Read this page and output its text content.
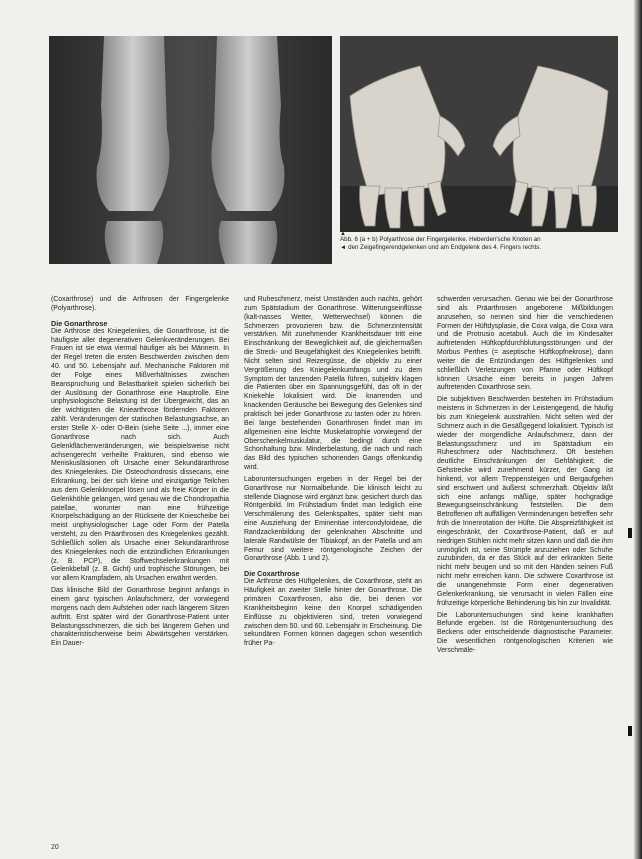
▲

Abb. 6 (a + b) Polyarthrose der Fingergelenke. Heberden'sche Knoten an
◄ den Zeigefingerendgelenken und am Endgelenk des 4. Fingers rechts.

(Coxarthrose) und die Arthrosen der Fingergelenke (Polyarthrose).

Die Gonarthrose

Die Arthrose des Kniegelenkes, die Gonarthrose, ist die häufigste aller degenerativen Gelenkveränderungen. Bei Frauen ist sie etwa viermal häufiger als bei Männern. In der Regel treten die ersten Beschwerden zwischen dem 40. und 50. Lebensjahr auf. Mechanische Faktoren mit der Folge eines Mißverhältnisses zwischen Beanspruchung und Belastbarkeit spielen sicherlich bei der Auslösung der Gonarthrose eine Hauptrolle. Eine unphysiologische Belastung ist der Übergewicht, das an der wichtigsten die Kniearthrose fördernden Faktoren zählt. Veränderungen der statischen Belastungsachse, an erster Stelle X- oder O-Bein (siehe Seite ...), immer eine Gonarthrose nach sich. Auch Gelenkflächenveränderungen, wie beispielsweise nicht achsengerecht verheilte Frakturen, sind ebenso wie Meniskusläsionen oft Ursache einer Sekundärarthrose des Kniegelenkes. Die Osteochondrosis dissecans, eine Erkrankung, bei der sich kleine und einzigartige Teilchen aus dem Gelenkknorpel lösen und als freie Körper in die Gelenkhöhle gelangen, wird genau wie die Chondropathia patellae, worunter man eine frühzeitige Knorpelschädigung an der Rückseite der Kniescheibe bei meist unphysiologischer Lage oder Form der Patella versteht, zu den Präarthrosen des Kniegelenkes gezählt. Schließlich sollen als Ursache einer Sekundärarthrose des Kniegelenkes noch die entzündlichen Erkrankungen (z. B. PCP), die Stoffwechselerkrankungen mit Gelenkbefall (z. B. Gicht) und trophische Störungen, bei vor allem Krampfadern, als Ursachen erwähnt werden.

Das klinische Bild der Gonarthrose beginnt anfangs in einem ganz typischen Anlaufschmerz, der vorwiegend morgens nach dem Aufstehen oder nach längerem Sitzen auftritt. Erst später wird der Gonarthrose-Patient unter Belastungsschmerzen, die sich bei längerem Gehen und charakteristischerweise beim Abwärtsgehen verstärken. Ein Dauer-

und Ruheschmerz, meist Umständen auch nachts, gehört zum Spätstadium der Gonarthrose. Witterungseinflüsse (kalt-nasses Wetter, Wetterwechsel) können die Schmerzen provozieren bzw. die Schmerzintensität verstärken. Mit zunehmender Krankheitsdauer tritt eine Einschränkung der Beweglichkeit auf, die gleichermaßen die Streck- und Beugefähigkeit des Kniegelenkes betrifft. Nicht selten sind Reizergüsse, die objektiv zu einer Vergrößerung des Kniegelenkumfangs und zu dem Symptom der tanzenden Patella führen, subjektiv klagen die Patienten über ein Spannungsgefühl, das oft in der Kniekehle lokalisiert wird. Die knarrenden und knackenden Geräusche bei Bewegung des Gelenkes sind praktisch bei jeder Gonarthrose zu tasten oder zu hören. Bei lange bestehenden Gonarthrosen findet man im allgemeinen eine leichte Muskelatrophie vorwiegend der Oberschenkelmuskulatur, die bedingt durch eine Schonhaltung bzw. Minderbelastung, die nach und nach das Bild des typischen schonenden Gangs offenkundig wird.

Laboruntersuchungen ergeben in der Regel bei der Gonarthrose nur Normalbefunde. Die klinisch leicht zu stellende Diagnose wird ergänzt bzw. gesichert durch das Röntgenbild. Im Frühstadium findet man lediglich eine Verschmälerung des Gelenkspaltes, später sieht man eine Ausziehung der Eminentiae intercondyloideae, die Randzackenbildung der gelenknahen Abschnitte und laterale Randwülste der Tibiakopf, an der Patella und am Femur sind weitere röntgenologische Zeichen der Gonarthrose (Abb. 1 und 2).

Die Coxarthrose

Die Arthrose des Hüftgelenkes, die Coxarthrose, steht an Häufigkeit an zweiter Stelle hinter der Gonarthrose. Die primären Coxarthrosen, also die, bei denen vor Krankheitsbeginn keine den Knorpel schädigenden Einflüsse zu objektivieren sind, treten vorwiegend zwischen dem 50. und 60. Lebensjahr in Erscheinung. Die sekundären Formen können dagegen schon wesentlich früher Pa-

schwerden verursachen. Genau wie bei der Gonarthrose sind als Präarthrosen angeborene Mißbildungen anzusehen, so nennen sind hier die verschiedenen Formen der Hüftdysplasie, die Coxa valga, die Coxa vara und die Protrusio acetabuli. Auch die im Kindesalter auftretenden Hüftkopfdurchblutungsstörungen und der Morbus Perthes (= aseptische Hüftkopfnekrose), dann weiter die die Entzündungen des Hüftgelenkes und schließlich Verletzungen von Pfanne oder Hüftkopf können Ursache einer bereits in jungen Jahren auftretenden Coxarthrose sein.

Die subjektiven Beschwerden bestehen im Frühstadium meistens in Schmerzen in der Leistengegend, die häufig bis zum Kniegelenk ausstrahlen. Nicht selten wird der Schmerz auch in die Gesäßgegend lokalisiert. Typisch ist wieder der morgendliche Anlaufschmerz, dann der Belastungsschmerz und im Spätstadium ein Ruheschmerz oder Nachtschmerz. Oft bestehen deutliche Einschränkungen der Gehfähigkeit; die Gehstrecke wird zunehmend kürzer, der Gang ist hinkend, vor allem Treppensteigen und Bergaufgehen sind erschwert und äußerst schmerzhaft. Objektiv läßt sich eine anfangs mäßige, später hochgradige Bewegungseinschränkung feststellen. Die dem Betroffenen oft auffälligen Verminderungen betreffen sehr früh die Innenrotation der Hüfte. Die Abspreizfähigkeit ist eingeschränkt, der Coxarthrose-Patient, daß er auf niedrigen Stühlen nicht mehr sitzen kann und daß die ihm unmöglich ist, seine Strümpfe anzuziehen oder Schuhe zuzubinden, da er das Stück auf der erkrankten Seite nicht mehr beugen und so mit den Händen seinen Fuß nicht mehr erreichen kann. Die schwere Coxarthrose ist die unangenehmste Form einer degenerativen Gelenkerkrankung, sie verursacht in vielen Fällen eine frühzeitige körperliche Behinderung bis hin zur Invalidität.

Die Laboruntersuchungen sind keine krankhaften Befunde ergeben. Ist die Röntgenuntersuchung des Beckens oder entscheidende diagnostische Parameter. Die wesentlichen röntgenologischen Kriterien wie Verschmäle-

20
